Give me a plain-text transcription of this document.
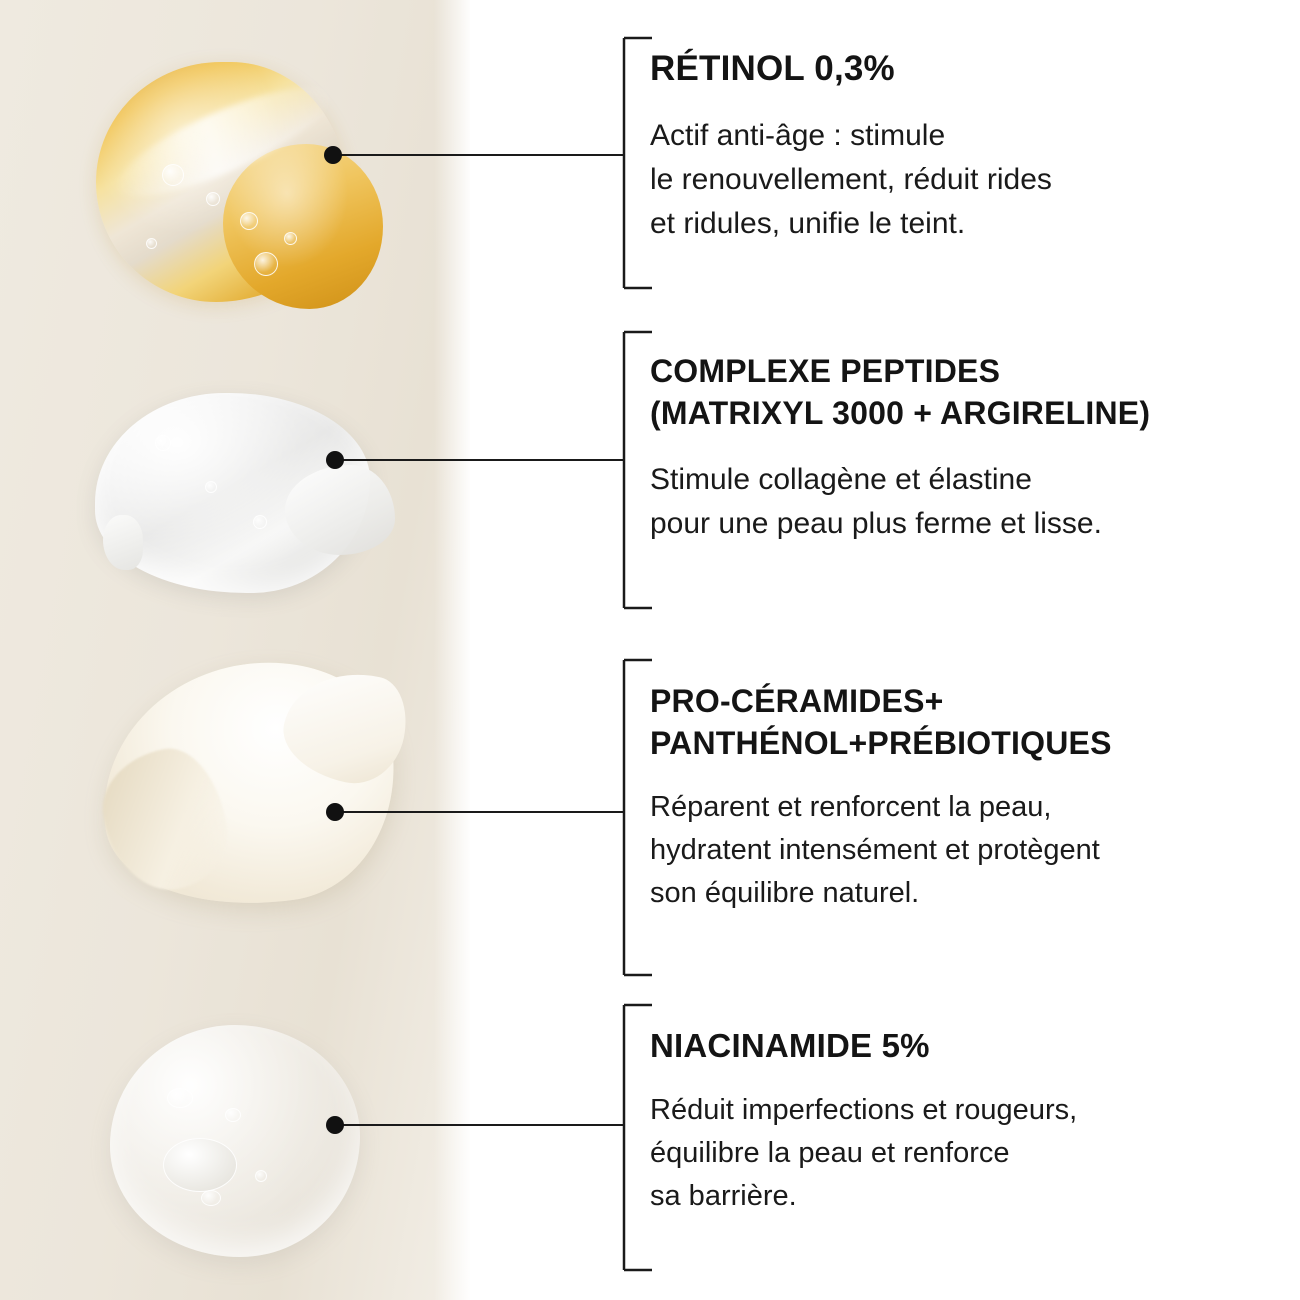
RÉTINOL 0,3%

Actif anti-âge : stimule
le renouvellement, réduit rides
et ridules, unifie le teint.

COMPLEXE PEPTIDES
(MATRIXYL 3000 + ARGIRELINE)

Stimule collagène et élastine
pour une peau plus ferme et lisse.

PRO-CÉRAMIDES+
PANTHÉNOL+PRÉBIOTIQUES

Réparent et renforcent la peau,
hydratent intensément et protègent
son équilibre naturel.

NIACINAMIDE 5%

Réduit imperfections et rougeurs,
équilibre la peau et renforce
sa barrière.
